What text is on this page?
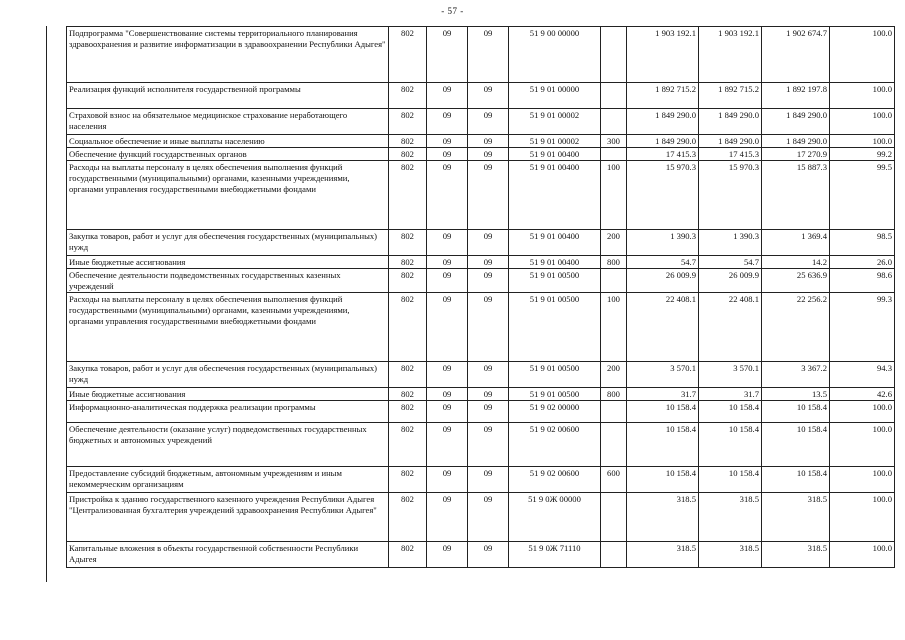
- 57 -
Подпрограмма "Совершенствование системы территориального планирования здравоохранения и развитие информатизации в здравоохранении Республики Адыгея"	802	09	09	51 9 00 00000		1 903 192.1	1 903 192.1	1 902 674.7	100.0
Реализация функций исполнителя государственной программы	802	09	09	51 9 01 00000		1 892 715.2	1 892 715.2	1 892 197.8	100.0
Страховой взнос на обязательное медицинское страхование неработающего населения	802	09	09	51 9 01 00002		1 849 290.0	1 849 290.0	1 849 290.0	100.0
Социальное обеспечение и иные выплаты населению	802	09	09	51 9 01 00002	300	1 849 290.0	1 849 290.0	1 849 290.0	100.0
Обеспечение функций государственных органов	802	09	09	51 9 01 00400		17 415.3	17 415.3	17 270.9	99.2
Расходы на выплаты персоналу в целях обеспечения выполнения функций государственными (муниципальными) органами, казенными учреждениями, органами управления государственными внебюджетными фондами	802	09	09	51 9 01 00400	100	15 970.3	15 970.3	15 887.3	99.5
Закупка товаров, работ и услуг для обеспечения государственных (муниципальных) нужд	802	09	09	51 9 01 00400	200	1 390.3	1 390.3	1 369.4	98.5
Иные бюджетные ассигнования	802	09	09	51 9 01 00400	800	54.7	54.7	14.2	26.0
Обеспечение деятельности подведомственных государственных казенных учреждений	802	09	09	51 9 01 00500		26 009.9	26 009.9	25 636.9	98.6
Расходы на выплаты персоналу в целях обеспечения выполнения функций государственными (муниципальными) органами, казенными учреждениями, органами управления государственными внебюджетными фондами	802	09	09	51 9 01 00500	100	22 408.1	22 408.1	22 256.2	99.3
Закупка товаров, работ и услуг для обеспечения государственных (муниципальных) нужд	802	09	09	51 9 01 00500	200	3 570.1	3 570.1	3 367.2	94.3
Иные бюджетные ассигнования	802	09	09	51 9 01 00500	800	31.7	31.7	13.5	42.6
Информационно-аналитическая поддержка реализации программы	802	09	09	51 9 02 00000		10 158.4	10 158.4	10 158.4	100.0
Обеспечение деятельности (оказание услуг) подведомственных государственных бюджетных и автономных учреждений	802	09	09	51 9 02 00600		10 158.4	10 158.4	10 158.4	100.0
Предоставление субсидий бюджетным, автономным учреждениям и иным некоммерческим организациям	802	09	09	51 9 02 00600	600	10 158.4	10 158.4	10 158.4	100.0
Пристройка к зданию государственного казенного учреждения Республики Адыгея "Централизованная бухгалтерия учреждений здравоохранения Республики Адыгея"	802	09	09	51 9 0Ж 00000		318.5	318.5	318.5	100.0
Капитальные вложения в объекты государственной собственности Республики Адыгея	802	09	09	51 9 0Ж 71110		318.5	318.5	318.5	100.0
